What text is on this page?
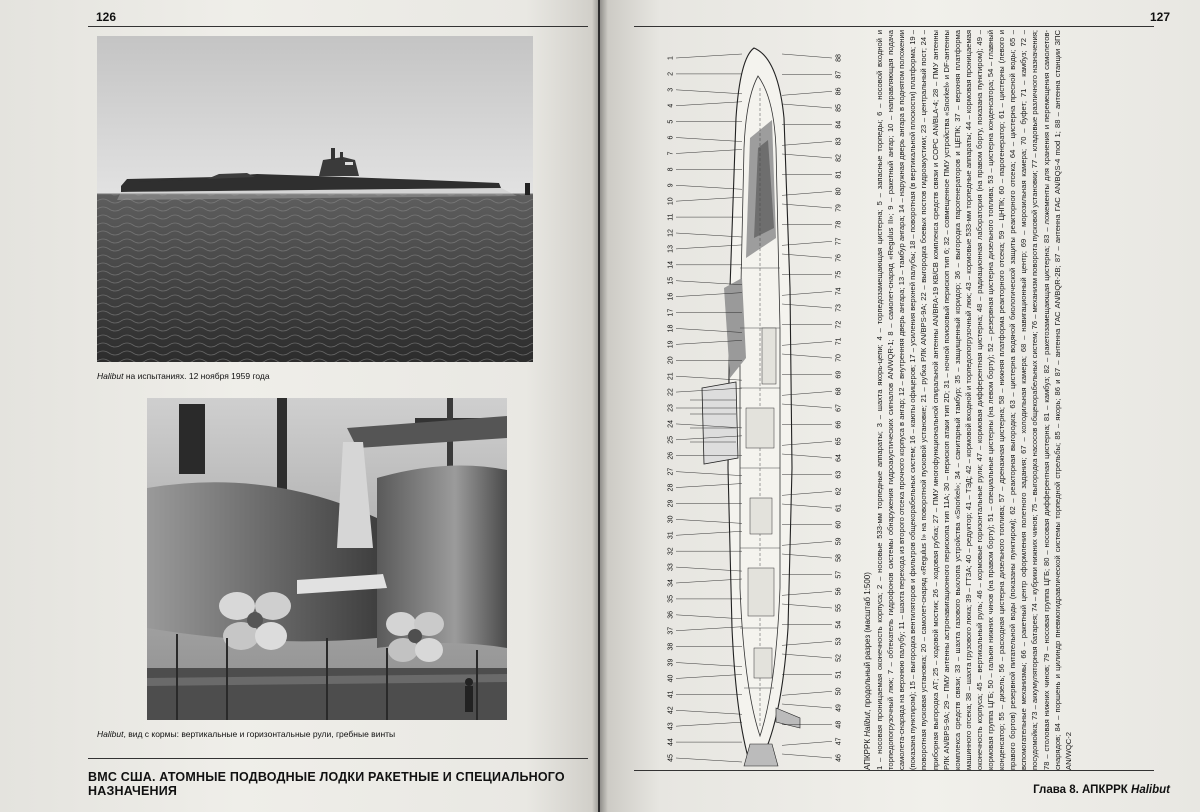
126
Halibut на испытаниях. 12 ноября 1959 года
Halibut, вид с кормы: вертикальные и горизонтальные рули, гребные винты
ВМС США. АТОМНЫЕ ПОДВОДНЫЕ ЛОДКИ РАКЕТНЫЕ И СПЕЦИАЛЬНОГО НАЗНАЧЕНИЯ
127
Глава 8. АПКРРК Halibut
1
2
3
4
5
6
7
8
9
10
11
12
13
14
15
16
17
18
19
20
21
22
23
24
25
26
27
28
29
30
31
32
33
34
35
36
37
38
39
40
41
42
43
44
45
88
87
86
85
84
83
82
81
80
79
78
77
76
75
74
73
72
71
70
69
68
67
66
65
64
63
62
61
60
59
58
57
56
55
54
53
52
51
50
49
48
47
46	АПКРРК Halibut, продольный разрез (масштаб 1:500) 1 – носовая проницаемая оконечность корпуса; 2 – носовые 533-мм торпедные аппараты; 3 – шахта якорь-цепи; 4 – торпедозамещающая цистерна; 5 – запасные торпеды; 6 – носовой входной и торпедопогрузочный люк; 7 – обтекатель гидрофонов системы обнаружения гидроакустических сигналов AN/WQR-1; 8 – самолет-снаряд «Regulus II»; 9 – ракетный ангар; 10 – направляющая подача самолета-снаряда на верхнюю палубу; 11 – шахта перехода из второго отсека прочного корпуса в ангар; 12 – внутренняя дверь ангара; 13 – тамбур ангара; 14 – наружная дверь ангара в поднятом положении (показана пунктиром); 15 – выгородка вентиляторов и фильтров общекорабельных систем; 16 – каюты офицеров; 17 – усиления верхней палубы; 18 – поворотная (в вертикальной плоскости) платформа; 19 – поворотная пусковая установка; 20 – самолет-снаряд «Regulus I» на поворотной пусковой установке; 21 – рубка РЛК AN/BPS-9A; 22 – выгородка боевых постов гидроакустики; 23 – центральный пост; 24 – приборная выгородка АТ; 25 – ходовой мостик; 26 – ходовая рубка; 27 – ПМУ многофункциональной спиральной антенны AN/BRA-19 КВ/СВ комплекса средств связи и СОРС AN/BLA-4; 28 – ПМУ антенны РЛК AN/BPS-9A; 29 – ПМУ антенны астронавигационного перископа тип 11А; 30 – перископ атаки тип 2D; 31 – ночной поисковый перископ тип 6; 32 – совмещенное ПМУ устройства «Snorkel» и DF-антенны комплекса средств связи; 33 – шахта газового выхлопа устройства «Snorkel»; 34 – санитарный тамбур; 35 – защищенный коридор; 36 – выгородка парогенераторов и ЦЕПК; 37 – верхняя платформа машинного отсека; 38 – шахта грузового люка; 39 – ГТЗА; 40 – редуктор; 41 – ТЭД; 42 – кормовой входной и торпедопогрузочный люк; 43 – кормовые 533-мм торпедные аппараты; 44 – кормовая проницаемая оконечность корпуса; 45 – вертикальный руль; 46 – кормовые горизонтальные рули; 47 – кормовая дифферентная цистерна; 48 – радиационная лаборатория (на правом борту, показана пунктиром); 49 – кормовая группа ЦГБ; 50 – гальюн нижних чинов (на правом борту); 51 – специальные цистерны (на левом борту); 52 – резервная цистерна дизельного топлива; 53 – цистерна конденсатора; 54 – главный конденсатор; 55 – дизель; 56 – расходная цистерна дизельного топлива; 57 – дренажная цистерна; 58 – нижняя платформа реакторного отсека; 59 – ЦНПК; 60 – парогенератор; 61 – цистерны (левого и правого бортов) резервной питательной воды (показаны пунктиром); 62 – реакторная выгородка; 63 – цистерна водяной биологической защиты реакторного отсека; 64 – цистерна пресной воды; 65 – вспомогательные механизмы; 66 – ракетный центр оформления полетного задания; 67 – холодильная камера; 68 – навигационный центр; 69 – морозильная камера; 70 – буфет; 71 – камбуз; 72 – посудомойка; 73 – аккумуляторная батарея; 74 – кубрики нижних чинов; 75 – выгородка насосов общекорабельных систем; 76 – механизм поворота пусковой установки; 77 – кладовые различного назначения; 78 – столовая нижних чинов; 79 – носовая группа ЦГБ; 80 – носовая дифферентная цистерна; 81 – камбуз; 82 – ракетозамещающая цистерна; 83 – ложементы для хранения и перемещения самолетов-снарядов; 84 – поршень и цилиндр пневмогидравлической системы торпедной стрельбы; 85 – якорь; 86 и 87 – антенна ГАС AN/BQR-2B; 87 – антенна ГАС AN/BQS-4 mod 1; 88 – антенна станции ЗПС AN/WQC-2
